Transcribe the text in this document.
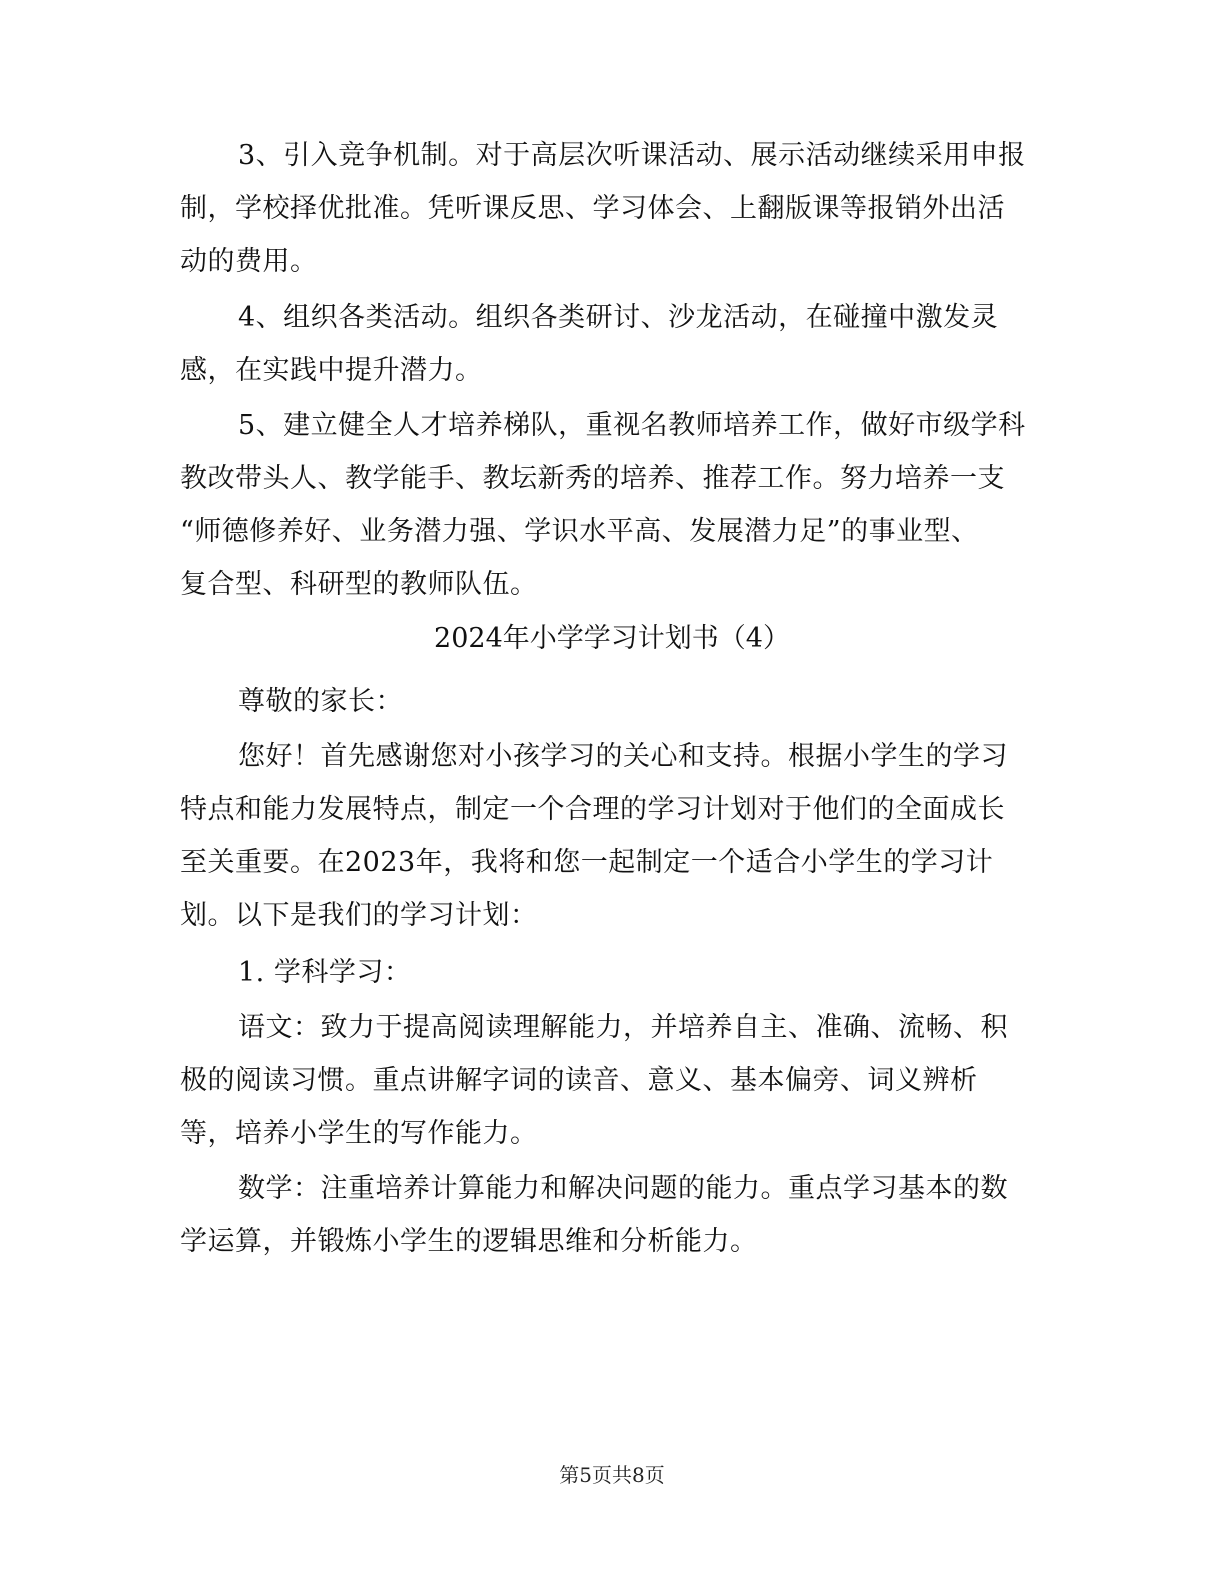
3、引入竞争机制。对于高层次听课活动、展示活动继续采用申报
制，学校择优批准。凭听课反思、学习体会、上翻版课等报销外出活
动的费用。
4、组织各类活动。组织各类研讨、沙龙活动，在碰撞中激发灵
感，在实践中提升潜力。
5、建立健全人才培养梯队，重视名教师培养工作，做好市级学科
教改带头人、教学能手、教坛新秀的培养、推荐工作。努力培养一支
“师德修养好、业务潜力强、学识水平高、发展潜力足”的事业型、
复合型、科研型的教师队伍。
2024年小学学习计划书（4）
尊敬的家长：
您好！首先感谢您对小孩学习的关心和支持。根据小学生的学习
特点和能力发展特点，制定一个合理的学习计划对于他们的全面成长
至关重要。在2023年，我将和您一起制定一个适合小学生的学习计
划。以下是我们的学习计划：
1. 学科学习：
语文：致力于提高阅读理解能力，并培养自主、准确、流畅、积
极的阅读习惯。重点讲解字词的读音、意义、基本偏旁、词义辨析
等，培养小学生的写作能力。
数学：注重培养计算能力和解决问题的能力。重点学习基本的数
学运算，并锻炼小学生的逻辑思维和分析能力。
第5页共8页
